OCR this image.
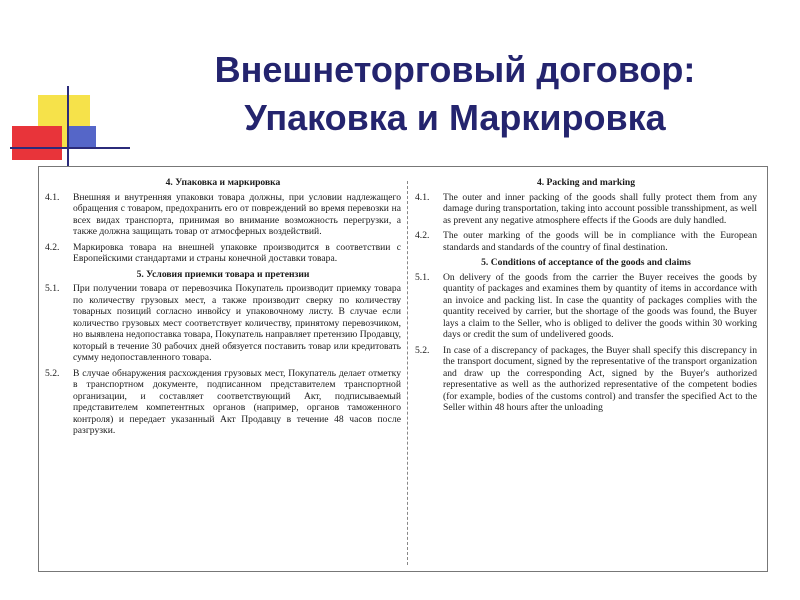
Внешнеторговый договор:
Упаковка и Маркировка
4. Упаковка и маркировка
4.1.	Внешняя и внутренняя упаковки товара должны, при условии надлежащего обращения с товаром, предохранить его от повреждений во время перевозки на всех видах транспорта, принимая во внимание возможность перегрузки, а также должна защищать товар от атмосферных воздействий.
4.2.	Маркировка товара на внешней упаковке производится в соответствии с Европейскими стандартами и страны конечной доставки товара.
5. Условия приемки товара и претензии
5.1.	При получении товара от перевозчика Покупатель производит приемку товара по количеству грузовых мест, а также производит сверку по количеству товарных позиций согласно инвойсу и упаковочному листу. В случае если количество грузовых мест соответствует количеству, принятому перевозчиком, но выявлена недопоставка товара, Покупатель направляет претензию Продавцу, который в течение 30 рабочих дней обязуется поставить товар или кредитовать сумму недопоставленного товара.
5.2.	В случае обнаружения расхождения грузовых мест, Покупатель делает отметку в транспортном документе, подписанном представителем транспортной организации, и составляет соответствующий Акт, подписываемый представителем компетентных органов (например, органов таможенного контроля) и передает указанный Акт Продавцу в течение 48 часов после разгрузки.
4. Packing and marking
4.1.	The outer and inner packing of the goods shall fully protect them from any damage during transportation, taking into account possible transshipment, as well as prevent any negative atmosphere effects if the Goods are duly handled.
4.2.	The outer marking of the goods will be in compliance with the European standards and standards of the country of final destination.
5. Conditions of acceptance of the goods and claims
5.1.	On delivery of the goods from the carrier the Buyer receives the goods by quantity of packages and examines them by quantity of items in accordance with an invoice and packing list. In case the quantity of packages complies with the quantity received by carrier, but the shortage of the goods was found, the Buyer lays a claim to the Seller, who is obliged to deliver the goods within 30 working days or credit the sum of undelivered goods.
5.2.	In case of a discrepancy of packages, the Buyer shall specify this discrepancy in the transport document, signed by the representative of the transport organization and draw up the corresponding Act, signed by the Buyer's authorized representative as well as the authorized representative of the competent bodies (for example, bodies of the customs control) and transfer the specified Act to the Seller within 48 hours after the unloading
